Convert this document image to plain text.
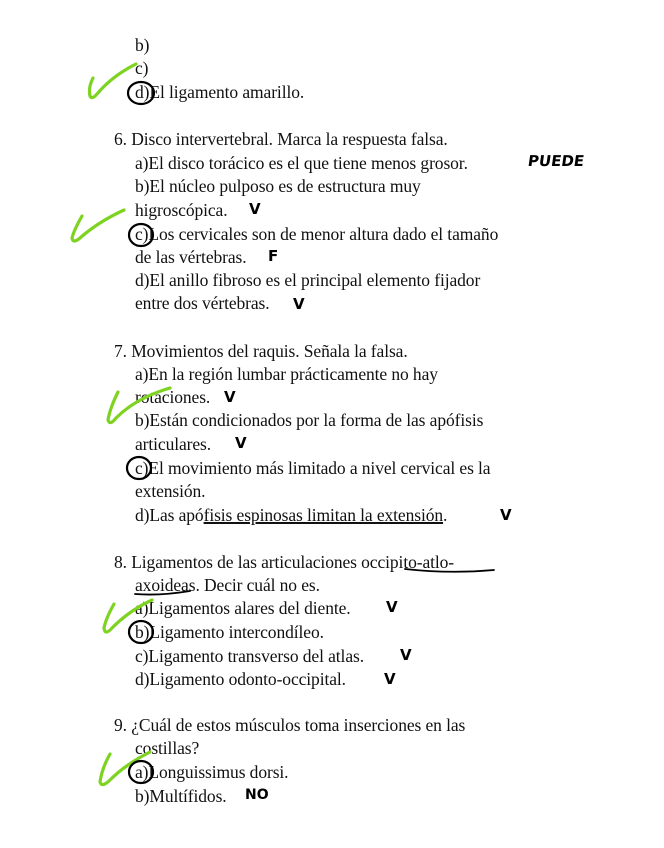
b)
c)
d)El ligamento amarillo.
6. Disco intervertebral. Marca la respuesta falsa.
a)El disco torácico es el que tiene menos grosor.	PUEDE
b)El núcleo pulposo es de estructura muy
higroscópica. V
c)Los cervicales son de menor altura dado el tamaño
de las vértebras. F
d)El anillo fibroso es el principal elemento fijador
entre dos vértebras. V
7. Movimientos del raquis. Señala la falsa.
a)En la región lumbar prácticamente no hay
rotaciones. V
b)Están condicionados por la forma de las apófisis
articulares. V
c)El movimiento más limitado a nivel cervical es la
extensión.
d)Las apófisis espinosas limitan la extensión.	V
8. Ligamentos de las articulaciones occipito-atlo-
axoideas. Decir cuál no es.
a)Ligamentos alares del diente. V
b)Ligamento intercondíleo.
c)Ligamento transverso del atlas. V
d)Ligamento odonto-occipital.	V
9. ¿Cuál de estos músculos toma inserciones en las
costillas?
a)Longuissimus dorsi.
b)Multífidos. NO
